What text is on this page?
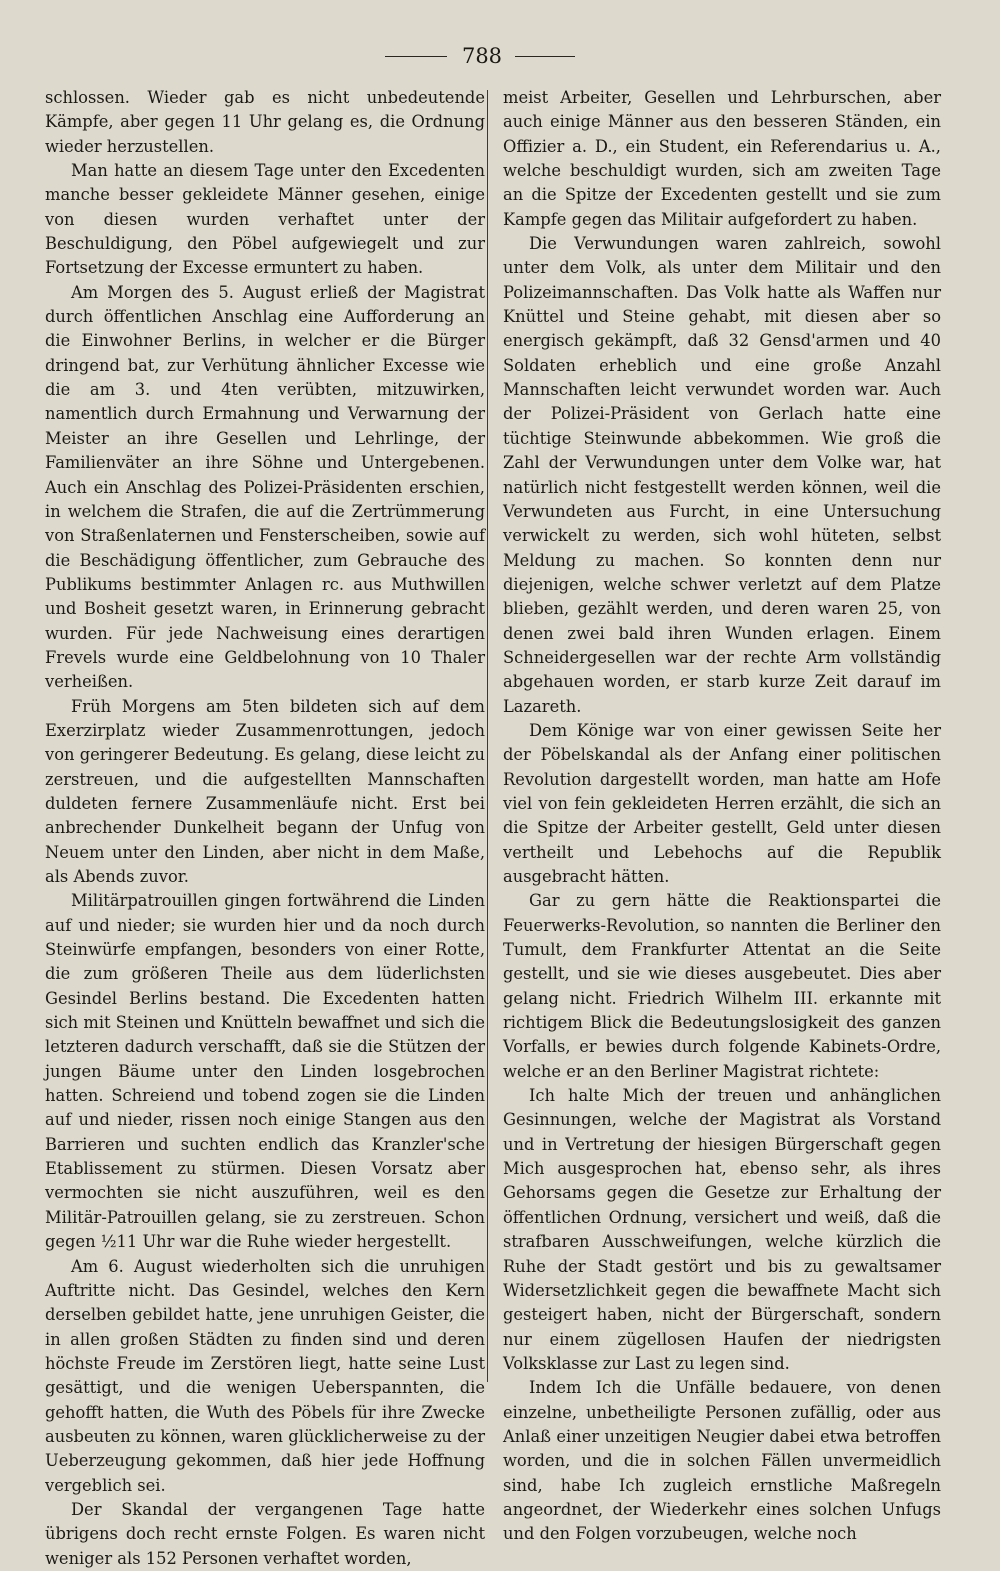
788

schlossen. Wieder gab es nicht unbedeutende Kämpfe, aber gegen 11 Uhr gelang es, die Ordnung wieder herzustellen.

Man hatte an diesem Tage unter den Excedenten manche besser gekleidete Männer gesehen, einige von diesen wurden verhaftet unter der Beschuldigung, den Pöbel aufgewiegelt und zur Fortsetzung der Excesse ermuntert zu haben.

Am Morgen des 5. August erließ der Magistrat durch öffentlichen Anschlag eine Aufforderung an die Einwohner Berlins, in welcher er die Bürger dringend bat, zur Verhütung ähnlicher Excesse wie die am 3. und 4ten verübten, mitzuwirken, namentlich durch Ermahnung und Verwarnung der Meister an ihre Gesellen und Lehrlinge, der Familienväter an ihre Söhne und Untergebenen. Auch ein Anschlag des Polizei-Präsidenten erschien, in welchem die Strafen, die auf die Zertrümmerung von Straßenlaternen und Fensterscheiben, sowie auf die Beschädigung öffentlicher, zum Gebrauche des Publikums bestimmter Anlagen rc. aus Muthwillen und Bosheit gesetzt waren, in Erinnerung gebracht wurden. Für jede Nachweisung eines derartigen Frevels wurde eine Geldbelohnung von 10 Thaler verheißen.

Früh Morgens am 5ten bildeten sich auf dem Exerzirplatz wieder Zusammenrottungen, jedoch von geringerer Bedeutung. Es gelang, diese leicht zu zerstreuen, und die aufgestellten Mannschaften duldeten fernere Zusammenläufe nicht. Erst bei anbrechender Dunkelheit begann der Unfug von Neuem unter den Linden, aber nicht in dem Maße, als Abends zuvor.

Militärpatrouillen gingen fortwährend die Linden auf und nieder; sie wurden hier und da noch durch Steinwürfe empfangen, besonders von einer Rotte, die zum größeren Theile aus dem lüderlichsten Gesindel Berlins bestand. Die Excedenten hatten sich mit Steinen und Knütteln bewaffnet und sich die letzteren dadurch verschafft, daß sie die Stützen der jungen Bäume unter den Linden losgebrochen hatten. Schreiend und tobend zogen sie die Linden auf und nieder, rissen noch einige Stangen aus den Barrieren und suchten endlich das Kranzler'sche Etablissement zu stürmen. Diesen Vorsatz aber vermochten sie nicht auszuführen, weil es den Militär-Patrouillen gelang, sie zu zerstreuen. Schon gegen ½11 Uhr war die Ruhe wieder hergestellt.

Am 6. August wiederholten sich die unruhigen Auftritte nicht. Das Gesindel, welches den Kern derselben gebildet hatte, jene unruhigen Geister, die in allen großen Städten zu finden sind und deren höchste Freude im Zerstören liegt, hatte seine Lust gesättigt, und die wenigen Ueberspannten, die gehofft hatten, die Wuth des Pöbels für ihre Zwecke ausbeuten zu können, waren glücklicherweise zu der Ueberzeugung gekommen, daß hier jede Hoffnung vergeblich sei.

Der Skandal der vergangenen Tage hatte übrigens doch recht ernste Folgen. Es waren nicht weniger als 152 Personen verhaftet worden,

meist Arbeiter, Gesellen und Lehrburschen, aber auch einige Männer aus den besseren Ständen, ein Offizier a. D., ein Student, ein Referendarius u. A., welche beschuldigt wurden, sich am zweiten Tage an die Spitze der Excedenten gestellt und sie zum Kampfe gegen das Militair aufgefordert zu haben.

Die Verwundungen waren zahlreich, sowohl unter dem Volk, als unter dem Militair und den Polizeimannschaften. Das Volk hatte als Waffen nur Knüttel und Steine gehabt, mit diesen aber so energisch gekämpft, daß 32 Gensd'armen und 40 Soldaten erheblich und eine große Anzahl Mannschaften leicht verwundet worden war. Auch der Polizei-Präsident von Gerlach hatte eine tüchtige Steinwunde abbekommen. Wie groß die Zahl der Verwundungen unter dem Volke war, hat natürlich nicht festgestellt werden können, weil die Verwundeten aus Furcht, in eine Untersuchung verwickelt zu werden, sich wohl hüteten, selbst Meldung zu machen. So konnten denn nur diejenigen, welche schwer verletzt auf dem Platze blieben, gezählt werden, und deren waren 25, von denen zwei bald ihren Wunden erlagen. Einem Schneidergesellen war der rechte Arm vollständig abgehauen worden, er starb kurze Zeit darauf im Lazareth.

Dem Könige war von einer gewissen Seite her der Pöbelskandal als der Anfang einer politischen Revolution dargestellt worden, man hatte am Hofe viel von fein gekleideten Herren erzählt, die sich an die Spitze der Arbeiter gestellt, Geld unter diesen vertheilt und Lebehochs auf die Republik ausgebracht hätten.

Gar zu gern hätte die Reaktionspartei die Feuerwerks-Revolution, so nannten die Berliner den Tumult, dem Frankfurter Attentat an die Seite gestellt, und sie wie dieses ausgebeutet. Dies aber gelang nicht. Friedrich Wilhelm III. erkannte mit richtigem Blick die Bedeutungslosigkeit des ganzen Vorfalls, er bewies durch folgende Kabinets-Ordre, welche er an den Berliner Magistrat richtete:

Ich halte Mich der treuen und anhänglichen Gesinnungen, welche der Magistrat als Vorstand und in Vertretung der hiesigen Bürgerschaft gegen Mich ausgesprochen hat, ebenso sehr, als ihres Gehorsams gegen die Gesetze zur Erhaltung der öffentlichen Ordnung, versichert und weiß, daß die strafbaren Ausschweifungen, welche kürzlich die Ruhe der Stadt gestört und bis zu gewaltsamer Widersetzlichkeit gegen die bewaffnete Macht sich gesteigert haben, nicht der Bürgerschaft, sondern nur einem zügellosen Haufen der niedrigsten Volksklasse zur Last zu legen sind.

Indem Ich die Unfälle bedauere, von denen einzelne, unbetheiligte Personen zufällig, oder aus Anlaß einer unzeitigen Neugier dabei etwa betroffen worden, und die in solchen Fällen unvermeidlich sind, habe Ich zugleich ernstliche Maßregeln angeordnet, der Wiederkehr eines solchen Unfugs und den Folgen vorzubeugen, welche noch
